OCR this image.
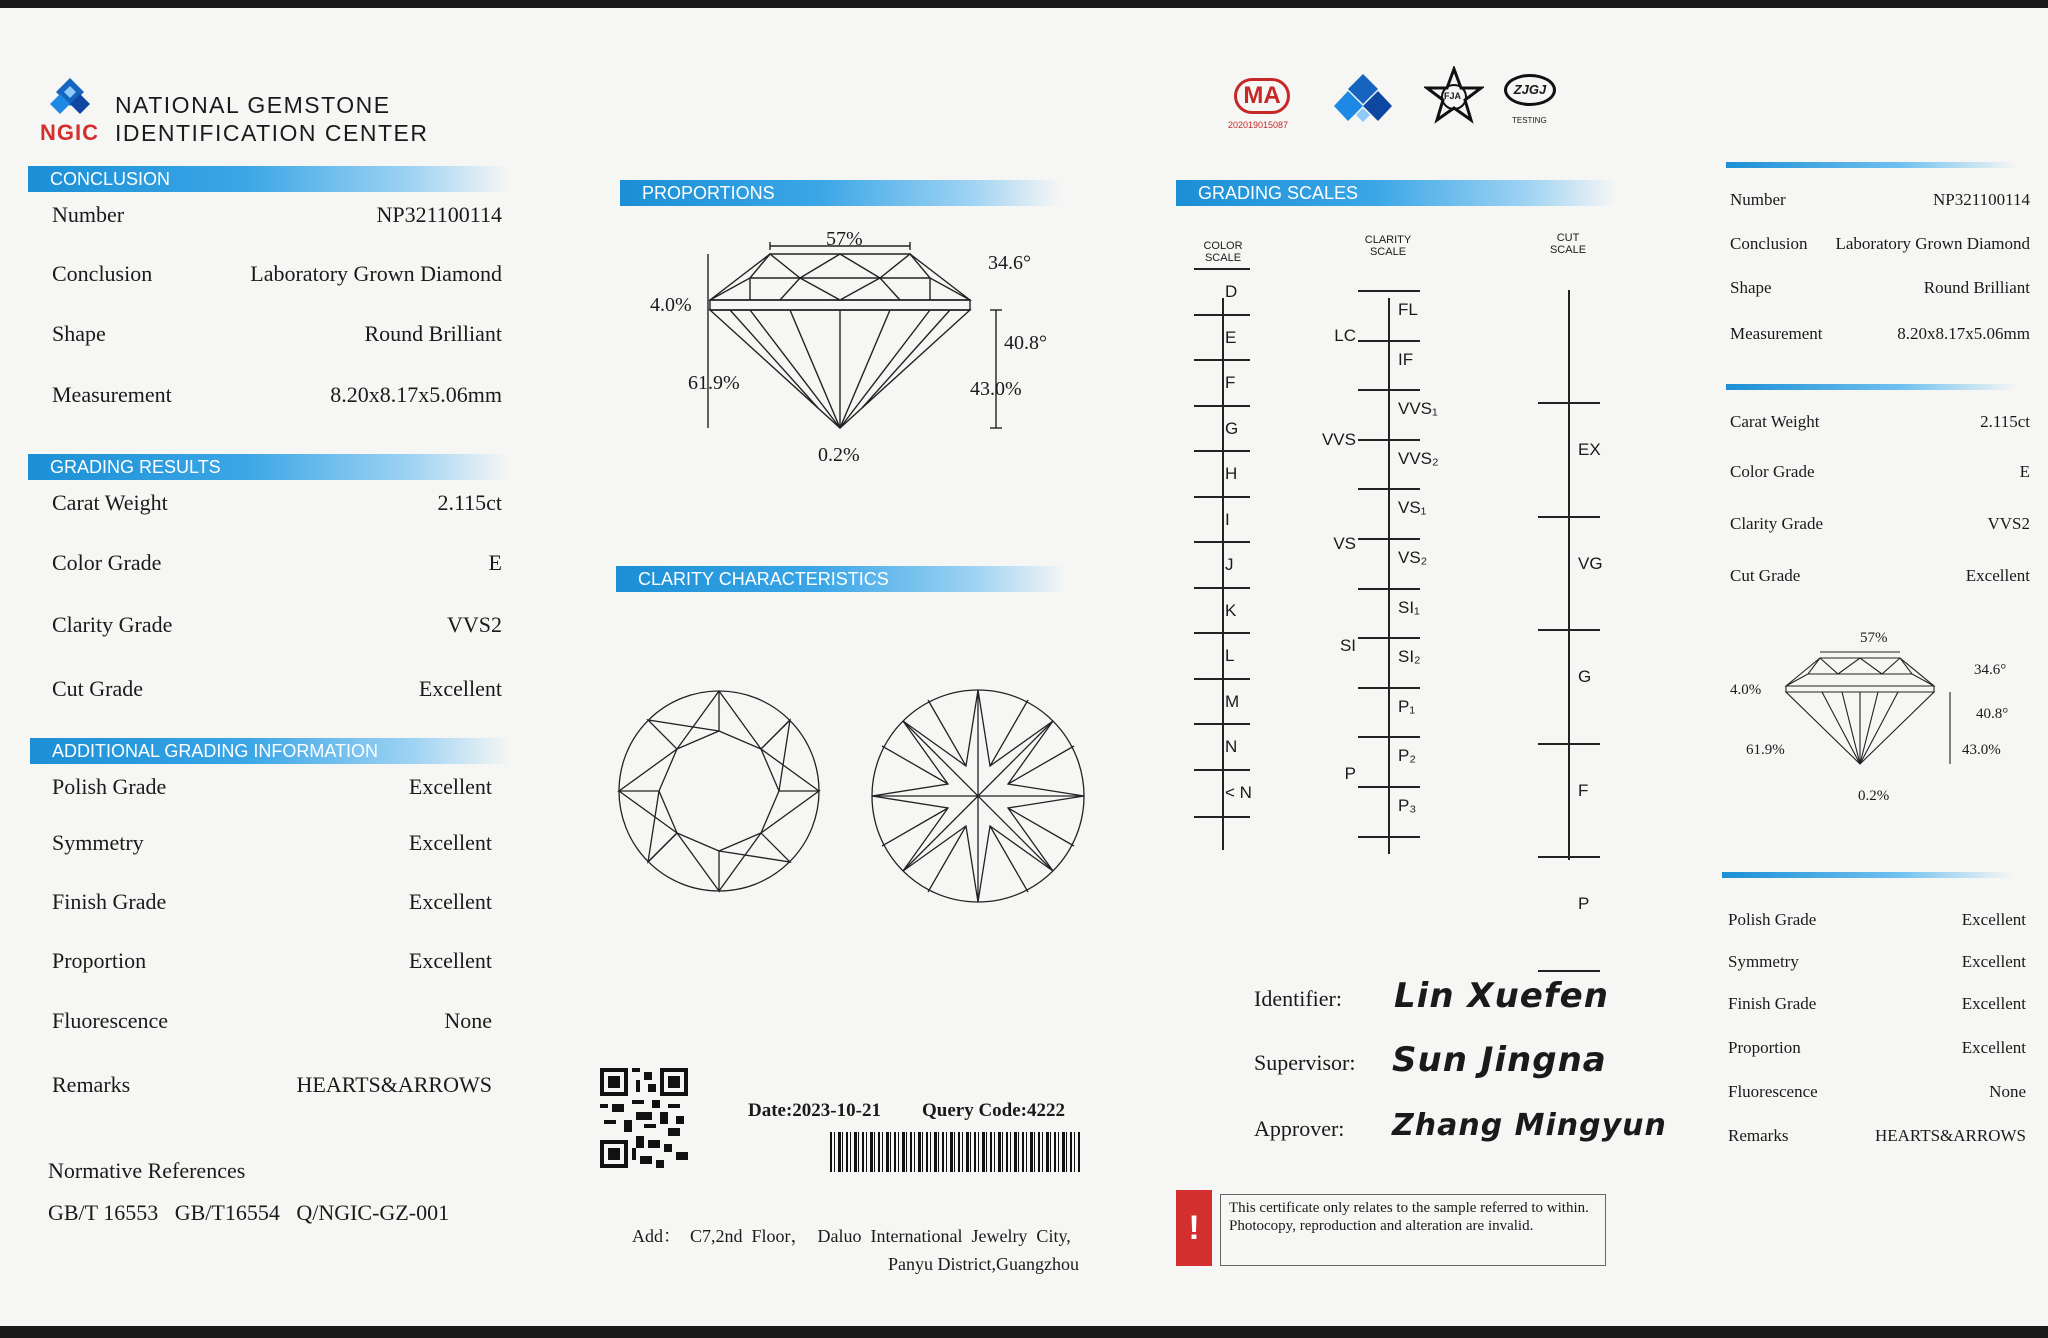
NGIC
NATIONAL GEMSTONE
IDENTIFICATION CENTER
CONCLUSION
Number	NP321100114
Conclusion	Laboratory Grown Diamond
Shape	Round Brilliant
Measurement	8.20x8.17x5.06mm
GRADING RESULTS
Carat Weight	2.115ct
Color Grade	E
Clarity Grade	VVS2
Cut Grade	Excellent
ADDITIONAL GRADING INFORMATION
Polish Grade	Excellent
Symmetry	Excellent
Finish Grade	Excellent
Proportion	Excellent
Fluorescence	None
Remarks	HEARTS&ARROWS
Normative References
GB/T 16553   GB/T16554   Q/NGIC-GZ-001
PROPORTIONS
57%
34.6°
4.0%
40.8°
61.9%	43.0%
0.2%
CLARITY CHARACTERISTICS
Date:2023-10-21 Query Code:4222
Add：  C7,2nd  Floor，  Daluo  International  Jewelry  City,
Panyu District,Guangzhou
MA
202019015087
FJA	ZJGJ
TESTING
GRADING SCALES
COLOR
SCALE
CLARITY
SCALE
CUT
SCALE
Identifier: Lin Xuefen
Supervisor: Sun Jingna
Approver: Zhang Mingyun
!
This certificate only relates to the sample referred to within. Photocopy, reproduction and alteration are invalid.
Number	NP321100114
Conclusion Laboratory Grown Diamond
Shape	Round Brilliant
Measurement	8.20x8.17x5.06mm
Carat Weight	2.115ct
Color Grade	E
Clarity Grade	VVS2
Cut Grade	Excellent
57%
34.6°
4.0%
40.8°
61.9%	43.0%
0.2%
Polish Grade	Excellent
Symmetry	Excellent
Finish Grade	Excellent
Proportion	Excellent
Fluorescence	None
Remarks	HEARTS&ARROWS
D
E
F
G
H
I
J
K
L
M
N
< N
FL
IF
VVS₁
VVS₂
VS₁
VS₂
SI₁
SI₂
P₁
P₂
P₃
LC
VVS
VS
SI
P
EX
VG
G
F
P
